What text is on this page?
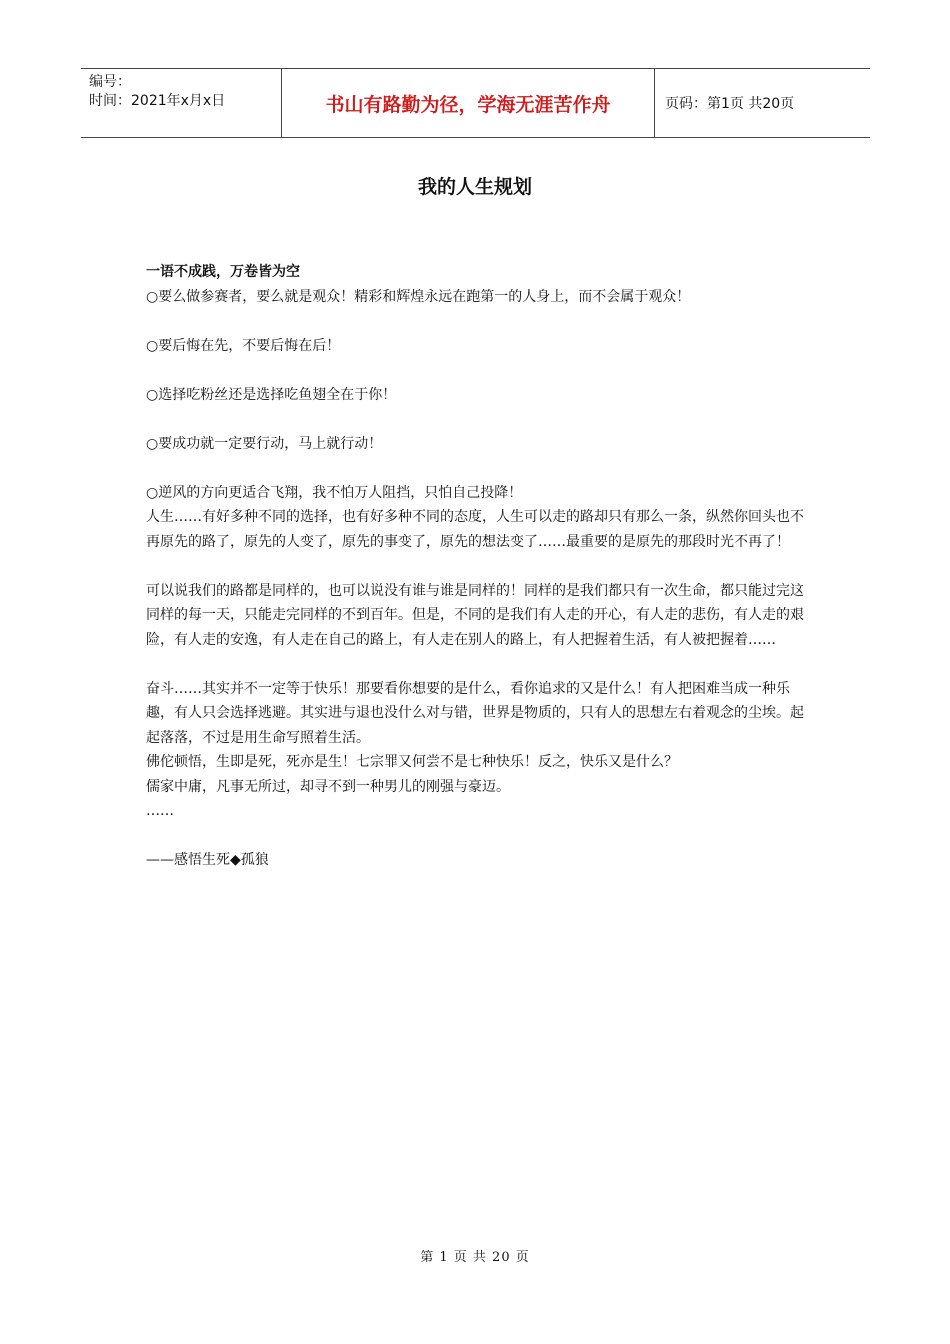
编号：
时间：2021年x月x日	书山有路勤为径，学海无涯苦作舟	页码：第1页 共20页
我的人生规划

一语不成践，万卷皆为空

○要么做参赛者，要么就是观众！精彩和辉煌永远在跑第一的人身上，而不会属于观众！

○要后悔在先，不要后悔在后！

○选择吃粉丝还是选择吃鱼翅全在于你！

○要成功就一定要行动，马上就行动！

○逆风的方向更适合飞翔，我不怕万人阻挡，只怕自己投降！

人生……有好多种不同的选择，也有好多种不同的态度，人生可以走的路却只有那么一条，纵然你回头也不再原先的路了，原先的人变了，原先的事变了，原先的想法变了……最重要的是原先的那段时光不再了！

可以说我们的路都是同样的，也可以说没有谁与谁是同样的！同样的是我们都只有一次生命，都只能过完这同样的每一天，只能走完同样的不到百年。但是，不同的是我们有人走的开心，有人走的悲伤，有人走的艰险，有人走的安逸，有人走在自己的路上，有人走在别人的路上，有人把握着生活，有人被把握着……

奋斗……其实并不一定等于快乐！那要看你想要的是什么，看你追求的又是什么！有人把困难当成一种乐趣，有人只会选择逃避。其实进与退也没什么对与错，世界是物质的，只有人的思想左右着观念的尘埃。起起落落，不过是用生命写照着生活。

佛佗顿悟，生即是死，死亦是生！七宗罪又何尝不是七种快乐！反之，快乐又是什么？

儒家中庸，凡事无所过，却寻不到一种男儿的刚强与豪迈。

……

——感悟生死◆孤狼

第 1 页 共 20 页
